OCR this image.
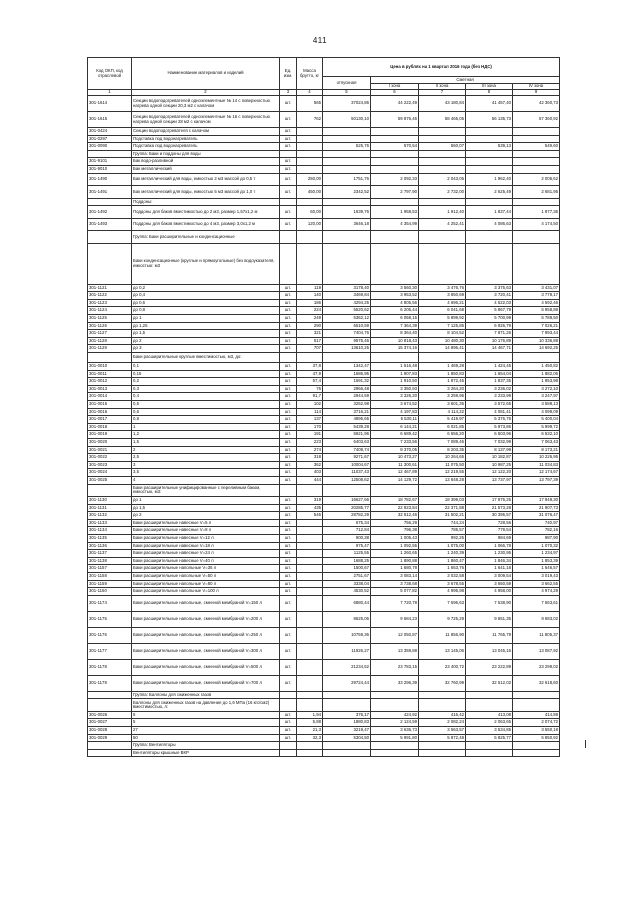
411
Код ОКП, код отраслевой	Наименование материалов и изделий	Ед. изм.	Масса брутто, кг	Цена в рублях на 1 квартал 2016 года (без НДС)				
				отпускная	Сметная			
					I зона	II зона	III зона	IV зона
1	2	3	4	5	6	7	8	9
301-1614	Секции водоподогревателей одноэлементные № 14 с поверхностью нагрева одной секции 20,3 м2 с калачом	шт.	565	37024,86	44 222,49	43 180,84	41 457,40	42 360,73
301-1615	Секции водоподогревателей одноэлементные № 16 с поверхностью нагрева одной секции 28 м2 с калачом	шт.	762	50130,10	59 876,46	58 465,05	56 135,73	57 360,92
301-0424	Секции водоподогревателя с калачом	шт.						
301-0297	Подставка под водонагреватель	шт.						
301-0090	Подставка под водонагреватель	шт.		525,76	570,54	560,07	539,13	549,60
	Группа: Баки и поддоны для воды							
301-9101	Бак водо-разливной	шт.						
301-9010	Бак металлический	шт.						
301-1490	Бак металлический для воды, емкостью 2 м3 массой до 0,5 т	шт.	250,00	1751,76	2 092,33	2 043,05	1 962,40	2 005,62
301-1491	Бак металлический для воды, емкостью 5 м3 массой до 1,0 т	шт.	450,00	2342,52	2 797,90	2 732,00	2 625,49	2 681,95
	Поддоны:							
301-1492	Поддоны для баков вместимостью до 2 м3, размер 1,57х1,2 м	шт.	60,00	1639,76	1 958,53	1 912,40	1 837,44	1 877,36
301-1493	Поддоны для баков вместимостью до 4 м3, размер 3,0х1,2 м	шт.	120,00	3646,18	4 354,99	4 252,41	4 086,63	4 174,50
	Группа: Баки расширительные и конденсационные							
	Баки конденсационные (круглые и прямоугольные) без водоуказателя, емкостью: м3							
301-1121	до 0,2	шт.	119	3178,40	3 560,30	3 476,76	3 375,63	3 431,07
301-1122	до 0,4	шт.	140	3469,84	3 953,52	3 850,69	3 720,41	3 778,17
301-1123	до 0,6	шт.	186	4294,25	4 805,56	4 696,21	4 522,03	4 592,46
301-1124	до 0,8	шт.	224	5520,62	6 205,44	6 041,68	5 867,79	5 958,88
301-1125	до 1	шт.	249	5362,12	6 058,15	5 899,92	5 700,99	5 789,50
301-1126	до 1,25	шт.	290	6510,59	7 364,39	7 125,85	6 926,79	7 026,21
301-1127	до 1,5	шт.	321	7404,76	8 364,40	8 104,52	7 871,26	7 993,44
301-1128	до 2	шт.	517	9575,46	10 818,43	10 480,30	10 176,89	10 336,88
301-1129	до 3	шт.	707	13610,25	15 374,16	14 896,41	14 467,71	14 692,25
	Баки расширительные круглые вместимостью, м3, до:							
301-0010	0,1	шт.	37,8	1342,47	1 516,48	1 469,28	1 424,45	1 450,82
301-0011	0,15	шт.	47,9	1686,95	1 907,83	1 850,83	1 654,04	1 882,06
301-0012	0,2	шт.	57,4	1691,32	1 910,50	1 872,45	1 837,35	1 853,98
301-0013	0,3	шт.	76	2966,48	3 350,93	3 264,20	3 236,02	3 272,10
301-0014	0,4	шт.	91,7	2944,59	3 326,20	3 259,95	3 233,99	3 247,97
301-0015	0,5	шт.	102	3252,98	3 674,52	3 601,35	3 572,65	3 588,13
301-0016	0,6	шт.	114	3716,21	4 197,83	4 114,22	4 081,41	4 099,09
301-0017	0,8	шт.	137	4895,65	5 530,11	5 419,97	5 376,76	5 400,04
301-0018	1	шт.	170	5439,28	6 144,21	6 021,85	5 973,86	5 999,72
301-0019	1,2	шт.	191	5921,96	6 689,42	6 556,20	6 503,96	6 532,10
301-0020	1,5	шт.	223	6403,63	7 233,56	7 089,46	7 032,99	7 063,43
301-0021	2	шт.	274	7409,74	8 370,05	8 203,35	8 137,99	8 173,21
301-0022	2,5	шт.	318	9271,67	10 473,27	10 264,65	10 182,87	10 226,95
301-0023	3	шт.	362	10004,67	11 300,61	11 075,50	10 987,25	11 034,83
301-0024	3,5	шт.	403	11037,43	12 467,89	12 219,55	12 122,20	12 174,67
301-0025	4	шт.	444	12508,62	14 129,72	13 848,28	13 737,97	13 797,39
	Баки расширительные унифицированные с переливным баком, емкостью, м3:							
301-1130	до 1	шт.	319	16627,66	18 782,67	18 399,03	17 875,25	17 949,30
301-1131	до 1,5	шт.	435	20285,77	22 923,84	22 371,88	21 573,28	21 907,73
301-1132	до 2	шт.	546	28782,29	32 512,46	31 502,21	30 395,57	31 076,47
301-1133	Баки расширительные навесные V=5 л	шт.		675,34	756,29	744,24	728,56	740,97
301-1134	Баки расширительные навесные V=8 л	шт.		712,84	796,38	785,57	779,54	782,16
301-1135	Баки расширительные навесные V=12 л	шт.		900,38	1 005,43	992,25	984,69	987,90
301-1136	Баки расширительные навесные V=18 л	шт.		975,47	1 092,55	1 075,00	1 066,78	1 070,32
301-1137	Баки расширительные навесные V=24 л	шт.		1125,55	1 260,65	1 240,39	1 230,95	1 234,97
301-1138	Баки расширительные навесные V=40 л	шт.		1688,25	1 890,88	1 860,47	1 846,34	1 853,39
301-1157	Баки расширительные напольные V=35 л	шт.		1500,67	1 680,78	1 653,76	1 641,18	1 646,57
301-1158	Баки расширительные напольные V=50 л	шт.		2751,67	3 083,14	3 032,58	3 009,54	3 019,43
301-1159	Баки расширительные напольные V=80 л	шт.		3338,04	3 738,68	3 678,55	3 650,59	3 662,55
301-1160	Баки расширительные напольные V=100 л	шт.		4530,52	5 077,82	4 995,98	4 958,00	4 974,29
301-1174	Баки расширительные напольные, сменной мембраной V=150 л	шт.		6880,44	7 720,78	7 596,63	7 538,90	7 563,61
301-1175	Баки расширительные напольные, сменной мембраной V=200 л	шт.		8625,06	9 684,23	9 725,29	9 651,35	9 683,02
301-1176	Баки расширительные напольные, сменной мембраной V=250 л	шт.		10759,36	12 050,87	11 856,90	11 765,79	11 805,37
301-1177	Баки расширительные напольные, сменной мембраной V=300 л	шт.		11926,27	13 359,88	13 145,06	13 045,16	13 087,92
301-1178	Баки расширительные напольные, сменной мембраной V=500 л	шт.		21234,52	23 783,15	23 400,72	23 222,89	23 299,02
301-1179	Баки расширительные напольные, сменной мембраной V=700 л	шт.		29724,44	33 296,39	32 760,99	32 512,02	32 618,60
	Группа: Баллоны для сжиженных газов							
	Баллоны для сжиженных газов на давление до 1,6 МПа (16 кгс/см2) вместимостью, л:							
301-0026	5	шт.	1,94	376,17	424,92	416,42	413,08	414,88
301-0027	5	шт.	5,88	1880,83	2 124,59	2 082,24	2 063,65	2 074,72
301-0028	27	шт.	21,3	3219,47	3 636,73	3 563,57	3 534,85	3 550,18
301-0029	50	шт.	32,3	5304,50	5 991,80	5 872,48	5 825,77	5 850,92
	Группа: Вентиляторы							
	Вентиляторы крышные ВКР							
